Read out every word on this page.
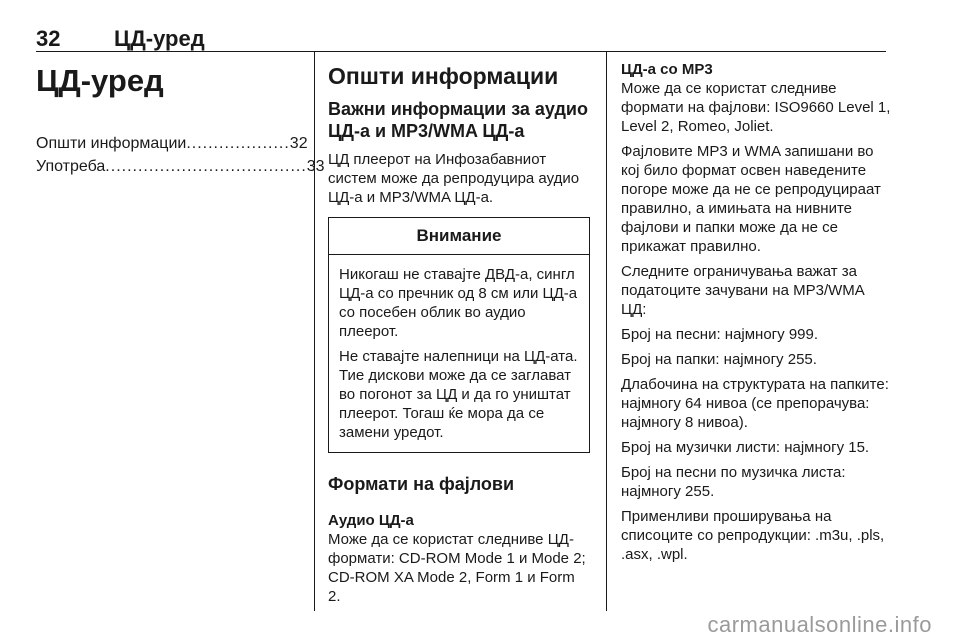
32 ЦД-уред
ЦД-уред
Општи информации ................... 32
Употреба ..................................... 33
Општи информации
Важни информации за аудио ЦД-а и MP3/WMA ЦД-а

ЦД плеерот на Инфозабавниот систем може да репродуцира аудио ЦД-а и MP3/WMA ЦД-а.

Внимание

Никогаш не ставајте ДВД-а, сингл ЦД-а со пречник од 8 см или ЦД-а со посебен облик во аудио плеерот.

Не ставајте налепници на ЦД-ата. Тие дискови може да се заглават во погонот за ЦД и да го уништат плеерот. Тогаш ќе мора да се замени уредот.

Формати на фајлови
Аудио ЦД-а

Може да се користат следниве ЦД-формати: CD-ROM Mode 1 и Mode 2; CD-ROM XA Mode 2, Form 1 и Form 2.

ЦД-а со MP3

Може да се користат следниве формати на фајлови: ISO9660 Level 1, Level 2, Romeo, Joliet.

Фајловите MP3 и WMA запишани во кој било формат освен наведените погоре може да не се репродуцираат правилно, а имињата на нивните фајлови и папки може да не се прикажат правилно.

Следните ограничувања важат за податоците зачувани на MP3/WMA ЦД:

Број на песни: најмногу 999.

Број на папки: најмногу 255.

Длабочина на структурата на папките: најмногу 64 нивоа (се препорачува: најмногу 8 нивоа).

Број на музички листи: најмногу 15.

Број на песни по музичка листа: најмногу 255.

Применливи проширувања на списоците со репродукции: .m3u, .pls, .asx, .wpl.

carmanualsonline.info
